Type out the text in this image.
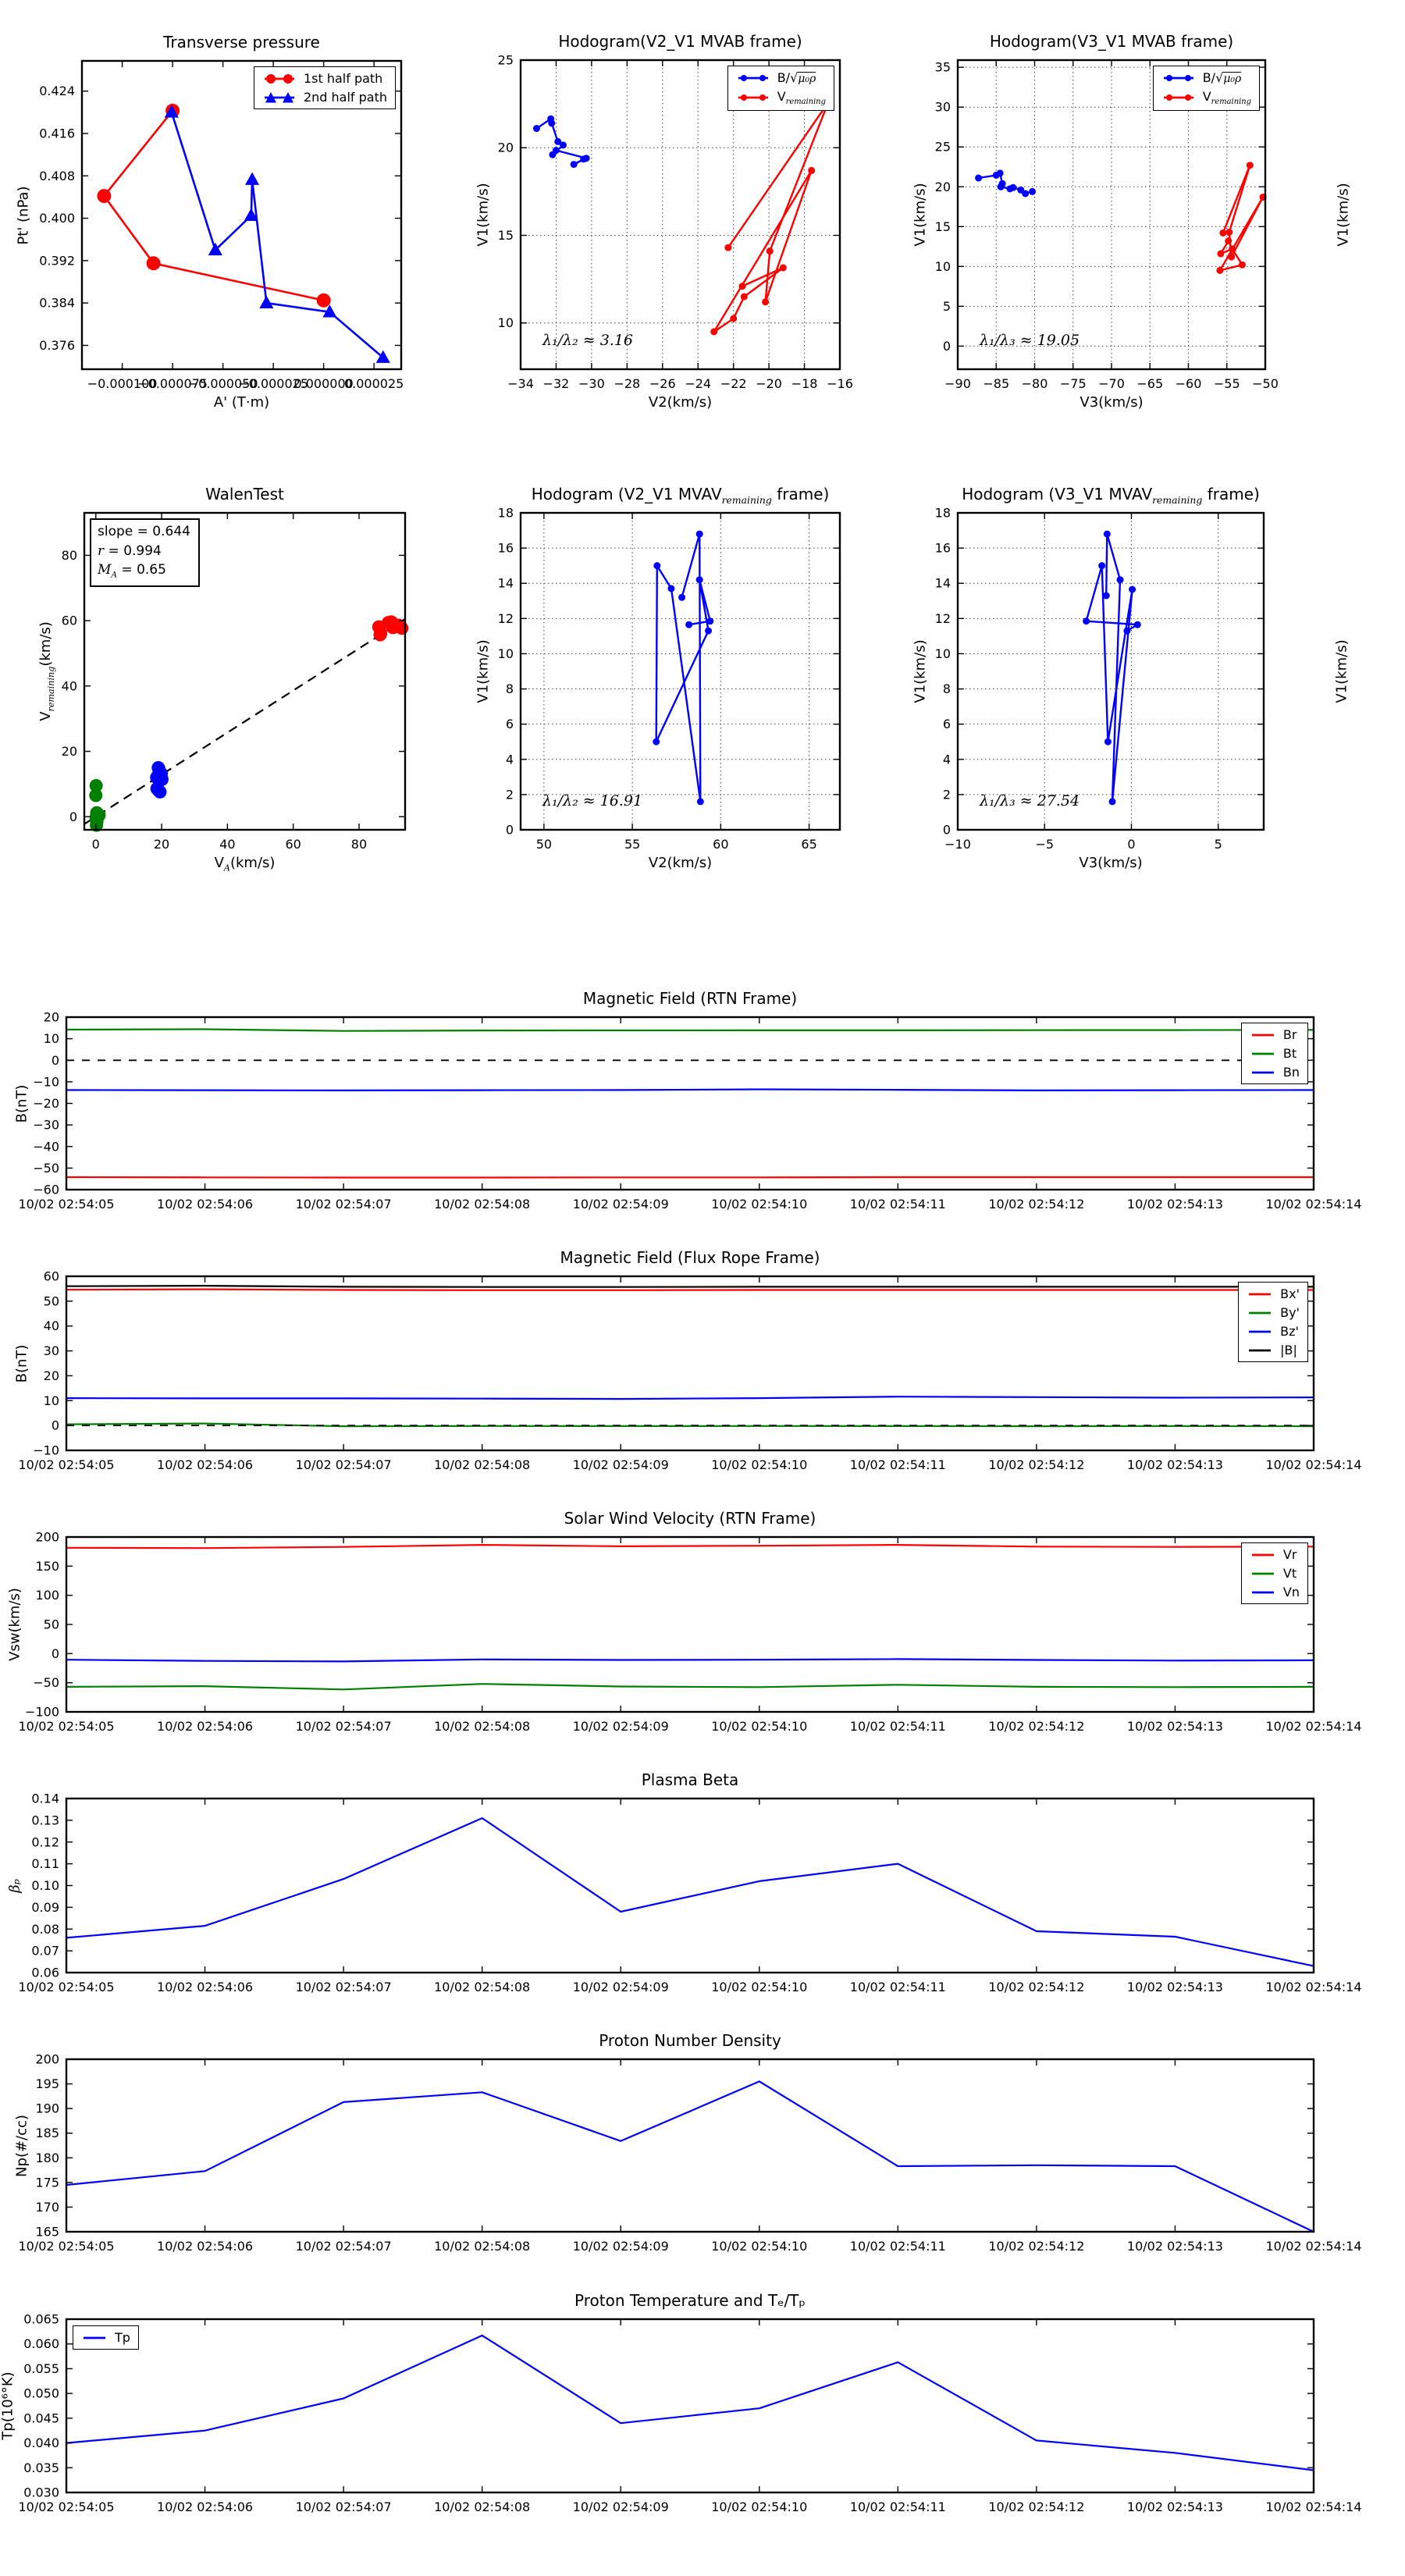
−0.000100
−0.000075
−0.000050
−0.000025
0.000000
0.000025
0.376
0.384
0.392
0.400
0.408
0.416
0.424
Transverse pressure
A' (T·m)
Pt' (nPa)
1st half path
2nd half path
−34 −32 −30 −28 −26 −24 −22 −20 −18 −16
10
15
20
25
Hodogram(V2_V1 MVAB frame)
V2(km/s)
V1(km/s)
B/√μ₀ρ
$V_{remaining}$
λ₁/λ₂ ≈ 3.16
−90 −85 −80 −75 −70 −65 −60 −55 −50
0
5
10
15
20
25
30
35
Hodogram(V3_V1 MVAB frame)
V3(km/s)
V1(km/s)	V1(km/s)
B/√μ₀ρ
$V_{remaining}$
λ₁/λ₃ ≈ 19.05
0	20	40	60	80
0
20
40
60
80
WalenTest
$V_A(km/s)$
$V_{remaining}(km/s)$
slope = 0.644
r = 0.994
$M_A = 0.65$
50	55	60	65
0
2
4
6
8
10
12
14
16
18
Hodogram (V2_V1 $MVAV_{remaining}$ frame)
V2(km/s)
V1(km/s)
λ₁/λ₂ ≈ 16.91
−10	−5	0	5
0
2
4
6
8
10
12
14
16
18
Hodogram (V3_V1 $MVAV_{remaining}$ frame)
V3(km/s)
V1(km/s)	V1(km/s)
λ₁/λ₃ ≈ 27.54
10/02 02:54:05	10/02 02:54:06	10/02 02:54:07	10/02 02:54:08	10/02 02:54:09	10/02 02:54:10	10/02 02:54:11	10/02 02:54:12	10/02 02:54:13	10/02 02:54:14
−60
−50
−40
−30
−20
−10
0
10
20
Magnetic Field (RTN Frame)
B(nT)
Br
Bt
Bn
10/02 02:54:05	10/02 02:54:06	10/02 02:54:07	10/02 02:54:08	10/02 02:54:09	10/02 02:54:10	10/02 02:54:11	10/02 02:54:12	10/02 02:54:13	10/02 02:54:14
−10
0
10
20
30
40
50
60
Magnetic Field (Flux Rope Frame)
B(nT)
Bx'
By'
Bz'
|B|
10/02 02:54:05	10/02 02:54:06	10/02 02:54:07	10/02 02:54:08	10/02 02:54:09	10/02 02:54:10	10/02 02:54:11	10/02 02:54:12	10/02 02:54:13	10/02 02:54:14
−100
−50
0
50
100
150
200
Solar Wind Velocity (RTN Frame)
Vsw(km/s)
Vr
Vt
Vn
10/02 02:54:05	10/02 02:54:06	10/02 02:54:07	10/02 02:54:08	10/02 02:54:09	10/02 02:54:10	10/02 02:54:11	10/02 02:54:12	10/02 02:54:13	10/02 02:54:14
0.06
0.07
0.08
0.09
0.10
0.11
0.12
0.13
0.14
Plasma Beta
βₚ
10/02 02:54:05	10/02 02:54:06	10/02 02:54:07	10/02 02:54:08	10/02 02:54:09	10/02 02:54:10	10/02 02:54:11	10/02 02:54:12	10/02 02:54:13	10/02 02:54:14
165
170
175
180
185
190
195
200
Proton Number Density
Np(#/cc)
10/02 02:54:05	10/02 02:54:06	10/02 02:54:07	10/02 02:54:08	10/02 02:54:09	10/02 02:54:10	10/02 02:54:11	10/02 02:54:12	10/02 02:54:13	10/02 02:54:14
0.030
0.035
0.040
0.045
0.050
0.055
0.060
0.065
Proton Temperature and Tₑ/Tₚ
Tp(10⁶°K)
Tp
